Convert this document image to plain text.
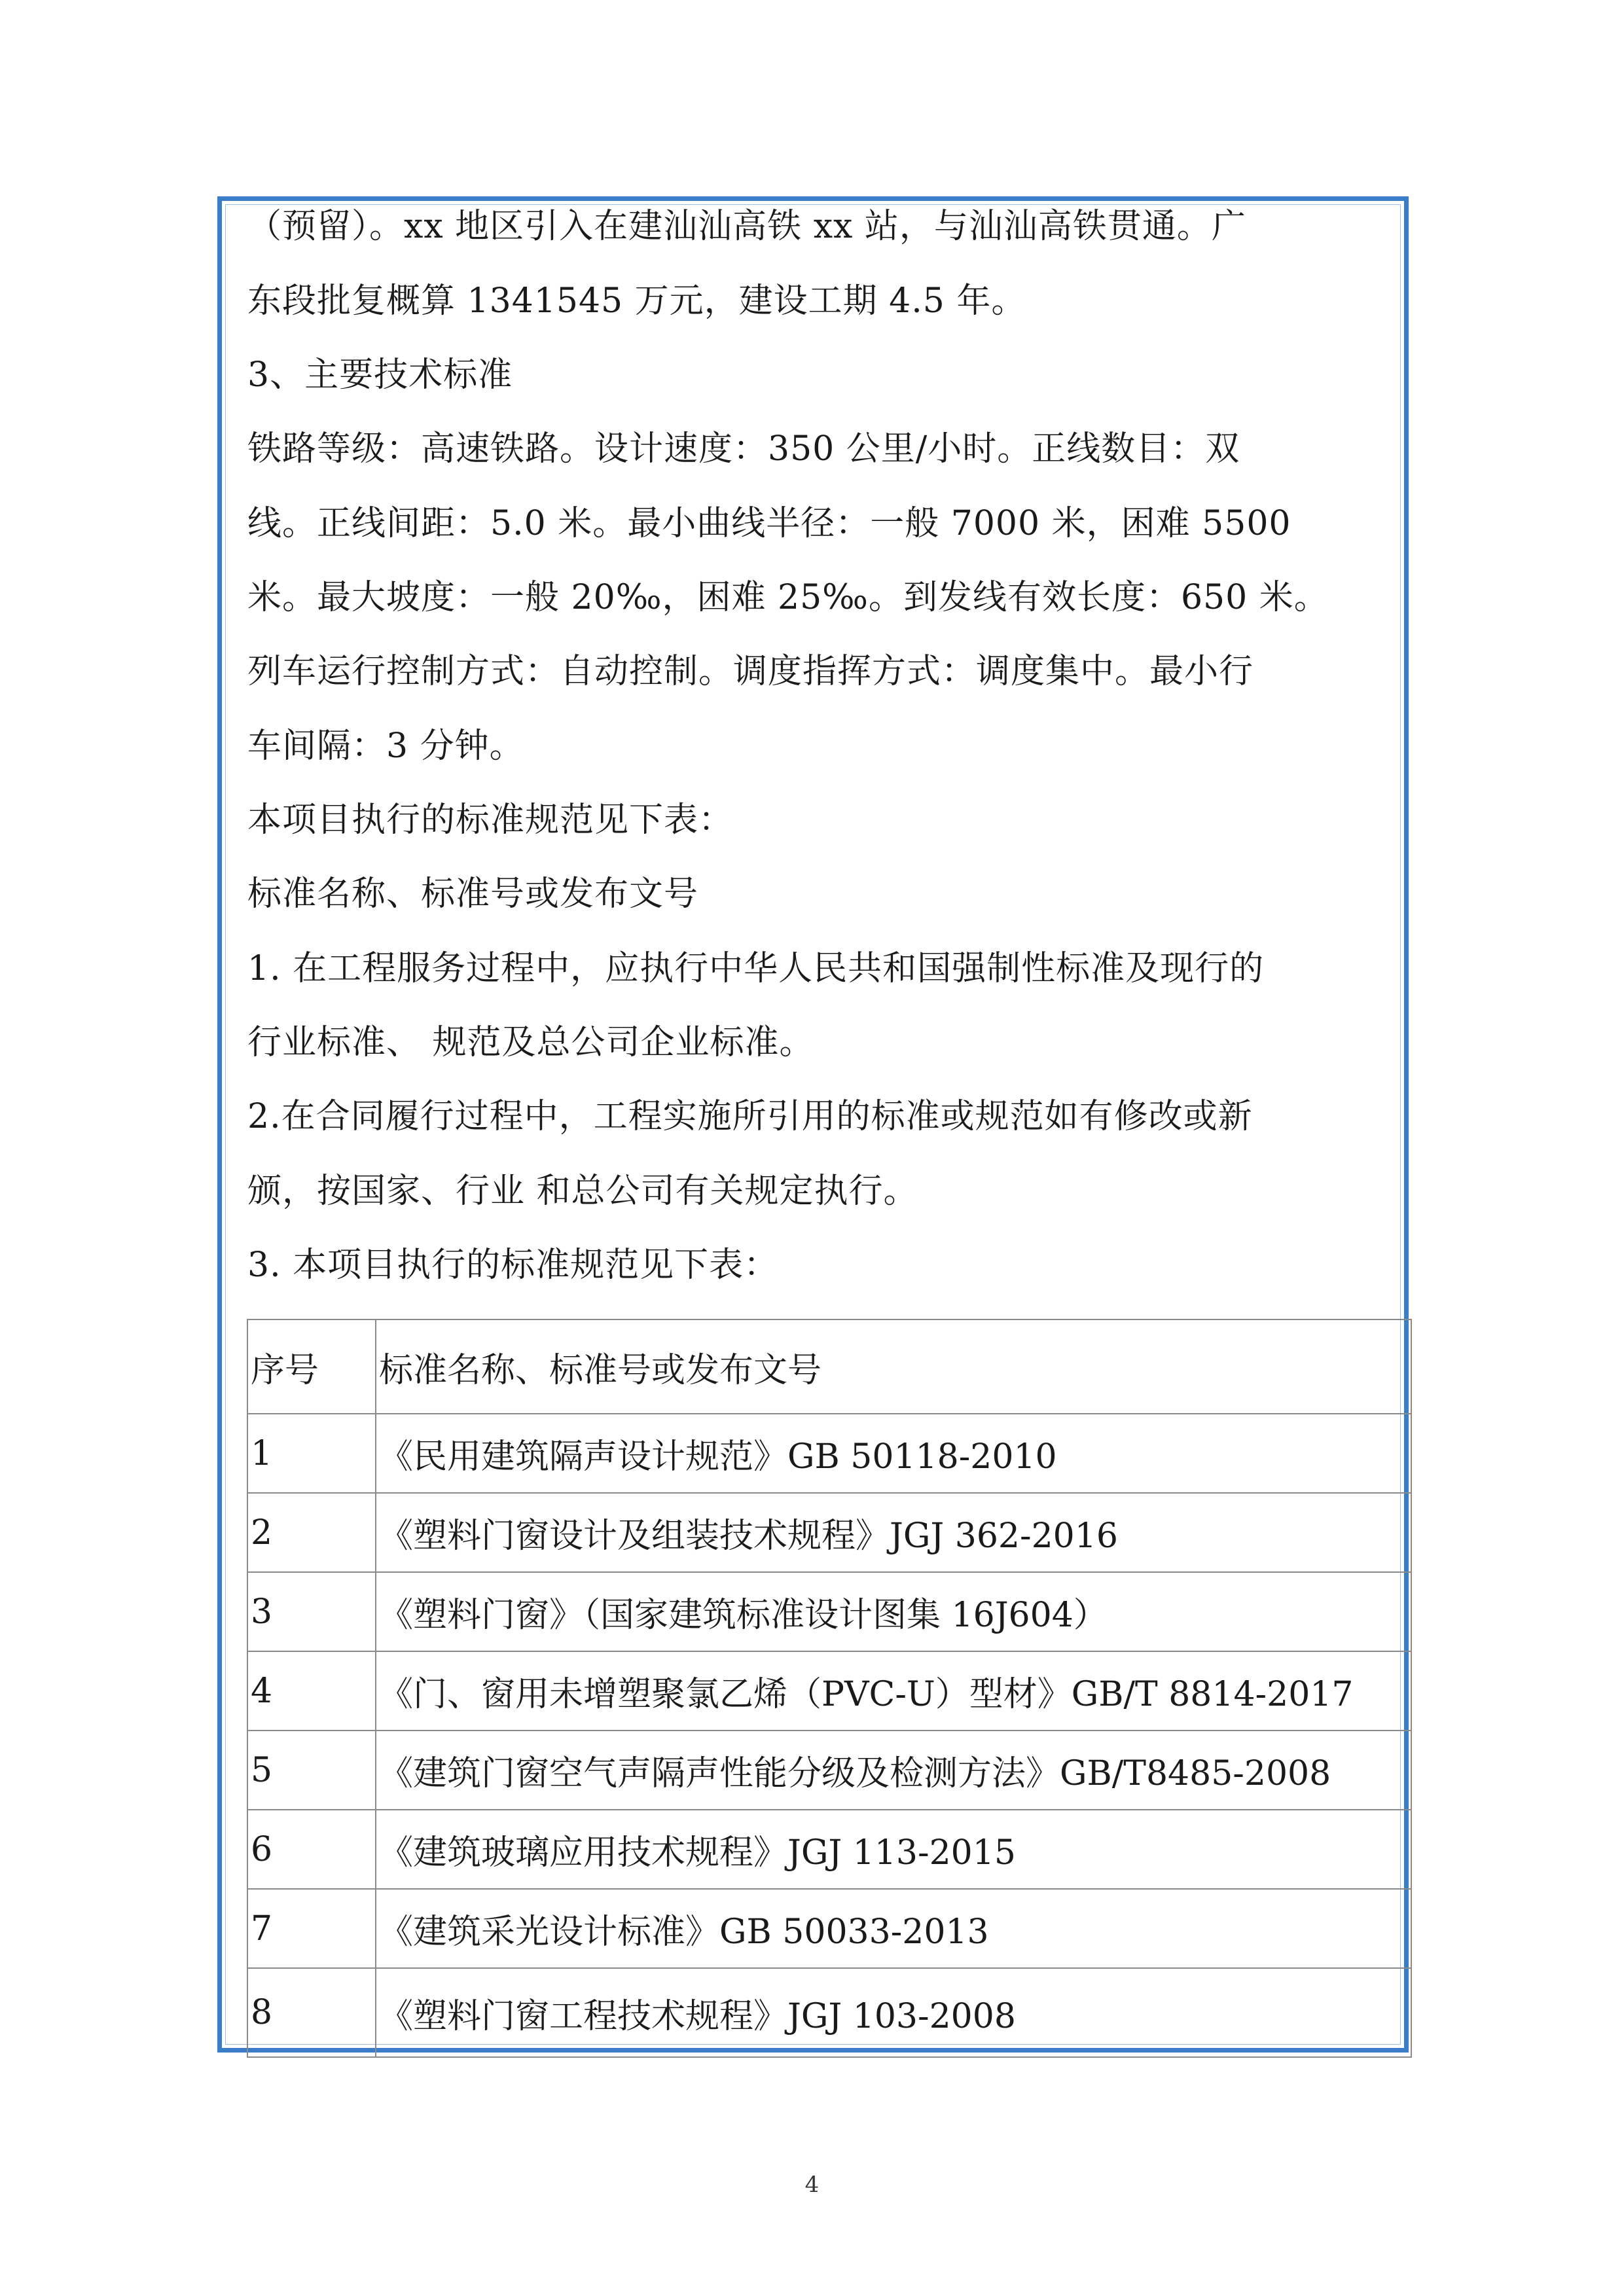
（预留）。xx 地区引入在建汕汕高铁 xx 站，与汕汕高铁贯通。广
东段批复概算 1341545 万元，建设工期 4.5 年。
3、主要技术标准
铁路等级：高速铁路。设计速度：350 公里/小时。正线数目：双
线。正线间距：5.0 米。最小曲线半径：一般 7000 米，困难 5500
米。最大坡度：一般 20‰，困难 25‰。到发线有效长度：650 米。
列车运行控制方式：自动控制。调度指挥方式：调度集中。最小行
车间隔：3 分钟。
本项目执行的标准规范见下表：
标准名称、标准号或发布文号
1. 在工程服务过程中，应执行中华人民共和国强制性标准及现行的
行业标准、 规范及总公司企业标准。
2.在合同履行过程中，工程实施所引用的标准或规范如有修改或新
颁，按国家、行业 和总公司有关规定执行。
3. 本项目执行的标准规范见下表：
序号	标准名称、标准号或发布文号
1	《民用建筑隔声设计规范》GB 50118-2010
2	《塑料门窗设计及组装技术规程》JGJ 362-2016
3	《塑料门窗》（国家建筑标准设计图集 16J604）
4	《门、窗用未增塑聚氯乙烯（PVC-U）型材》GB/T 8814-2017
5	《建筑门窗空气声隔声性能分级及检测方法》GB/T8485-2008
6	《建筑玻璃应用技术规程》JGJ 113-2015
7	《建筑采光设计标准》GB 50033-2013
8	《塑料门窗工程技术规程》JGJ 103-2008
4
